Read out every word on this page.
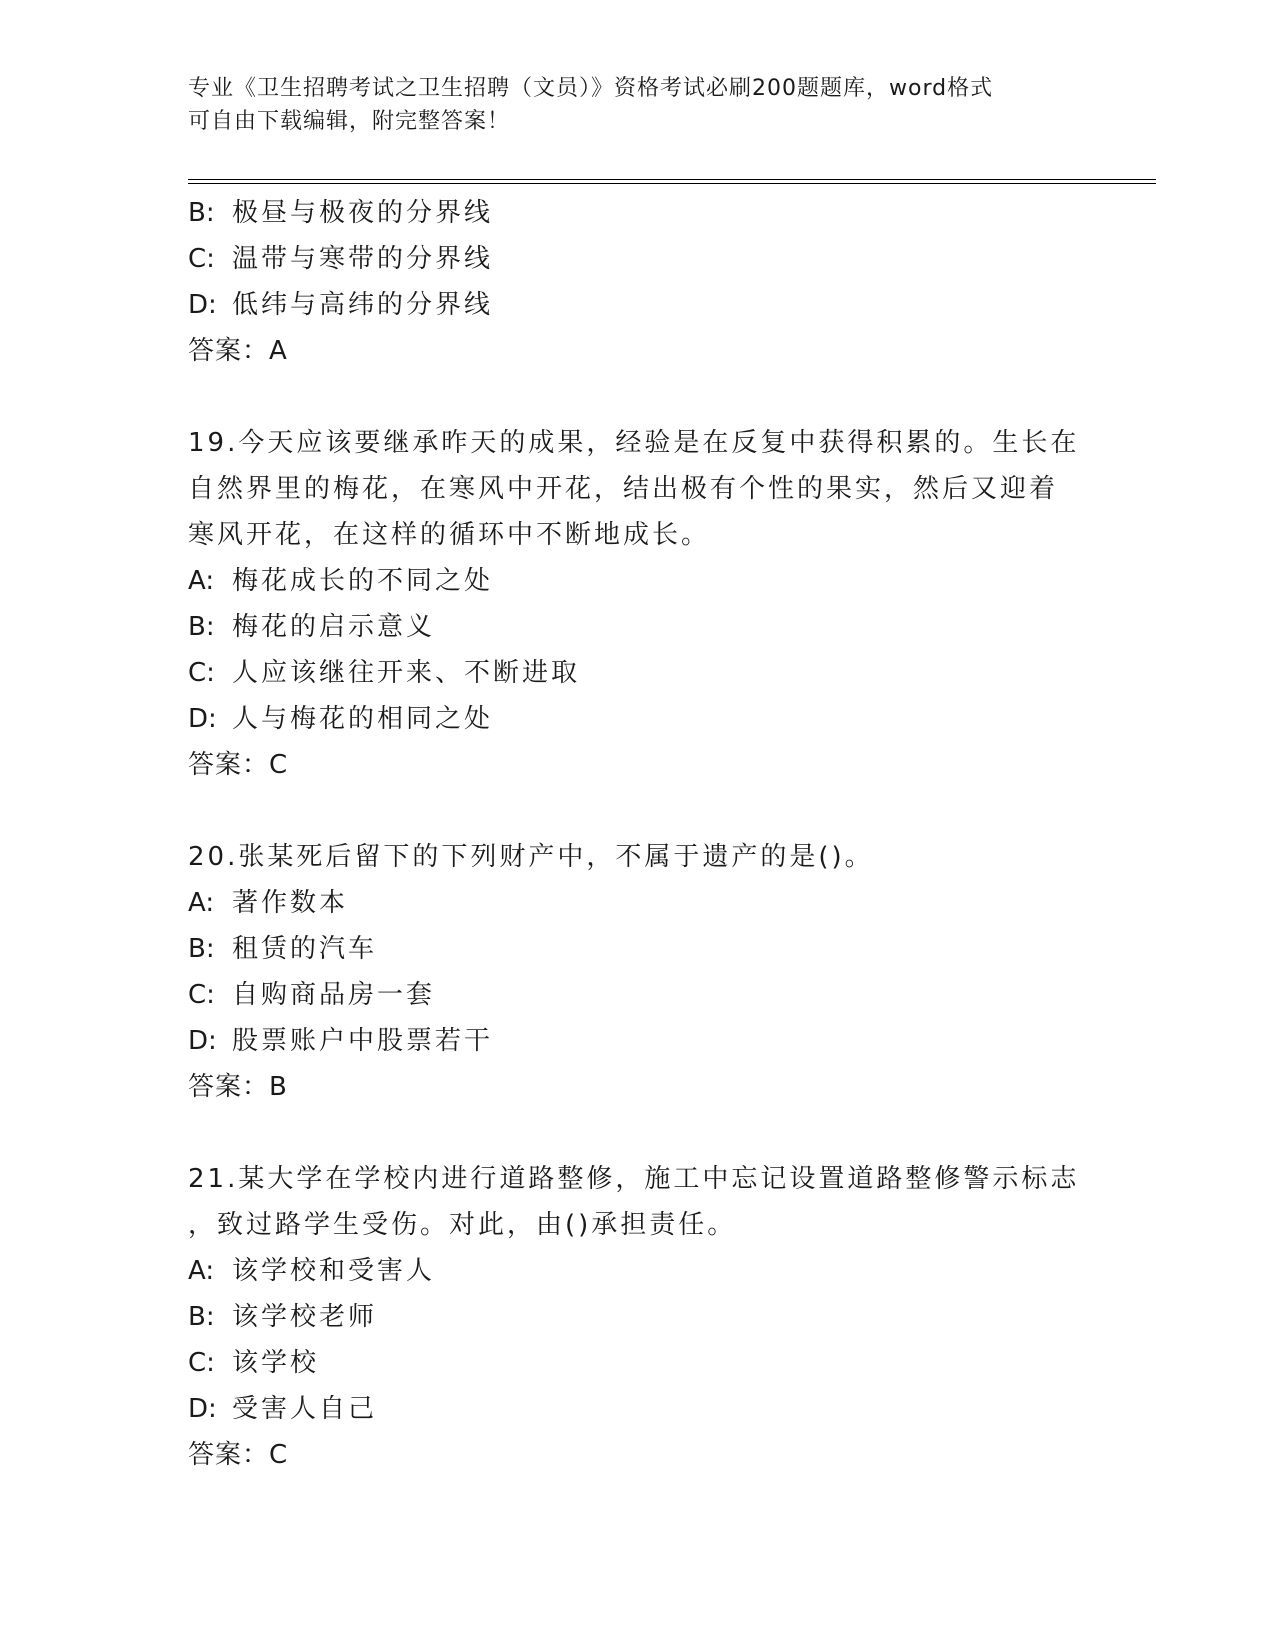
专业《卫生招聘考试之卫生招聘（文员）》资格考试必刷200题题库，word格式
可自由下载编辑，附完整答案！
B: 极昼与极夜的分界线
C: 温带与寒带的分界线
D: 低纬与高纬的分界线
答案：A
19.今天应该要继承昨天的成果，经验是在反复中获得积累的。生长在
自然界里的梅花，在寒风中开花，结出极有个性的果实，然后又迎着
寒风开花，在这样的循环中不断地成长。
A: 梅花成长的不同之处
B: 梅花的启示意义
C: 人应该继往开来、不断进取
D: 人与梅花的相同之处
答案：C
20.张某死后留下的下列财产中，不属于遗产的是()。
A: 著作数本
B: 租赁的汽车
C: 自购商品房一套
D: 股票账户中股票若干
答案：B
21.某大学在学校内进行道路整修，施工中忘记设置道路整修警示标志
，致过路学生受伤。对此，由()承担责任。
A: 该学校和受害人
B: 该学校老师
C: 该学校
D: 受害人自己
答案：C
